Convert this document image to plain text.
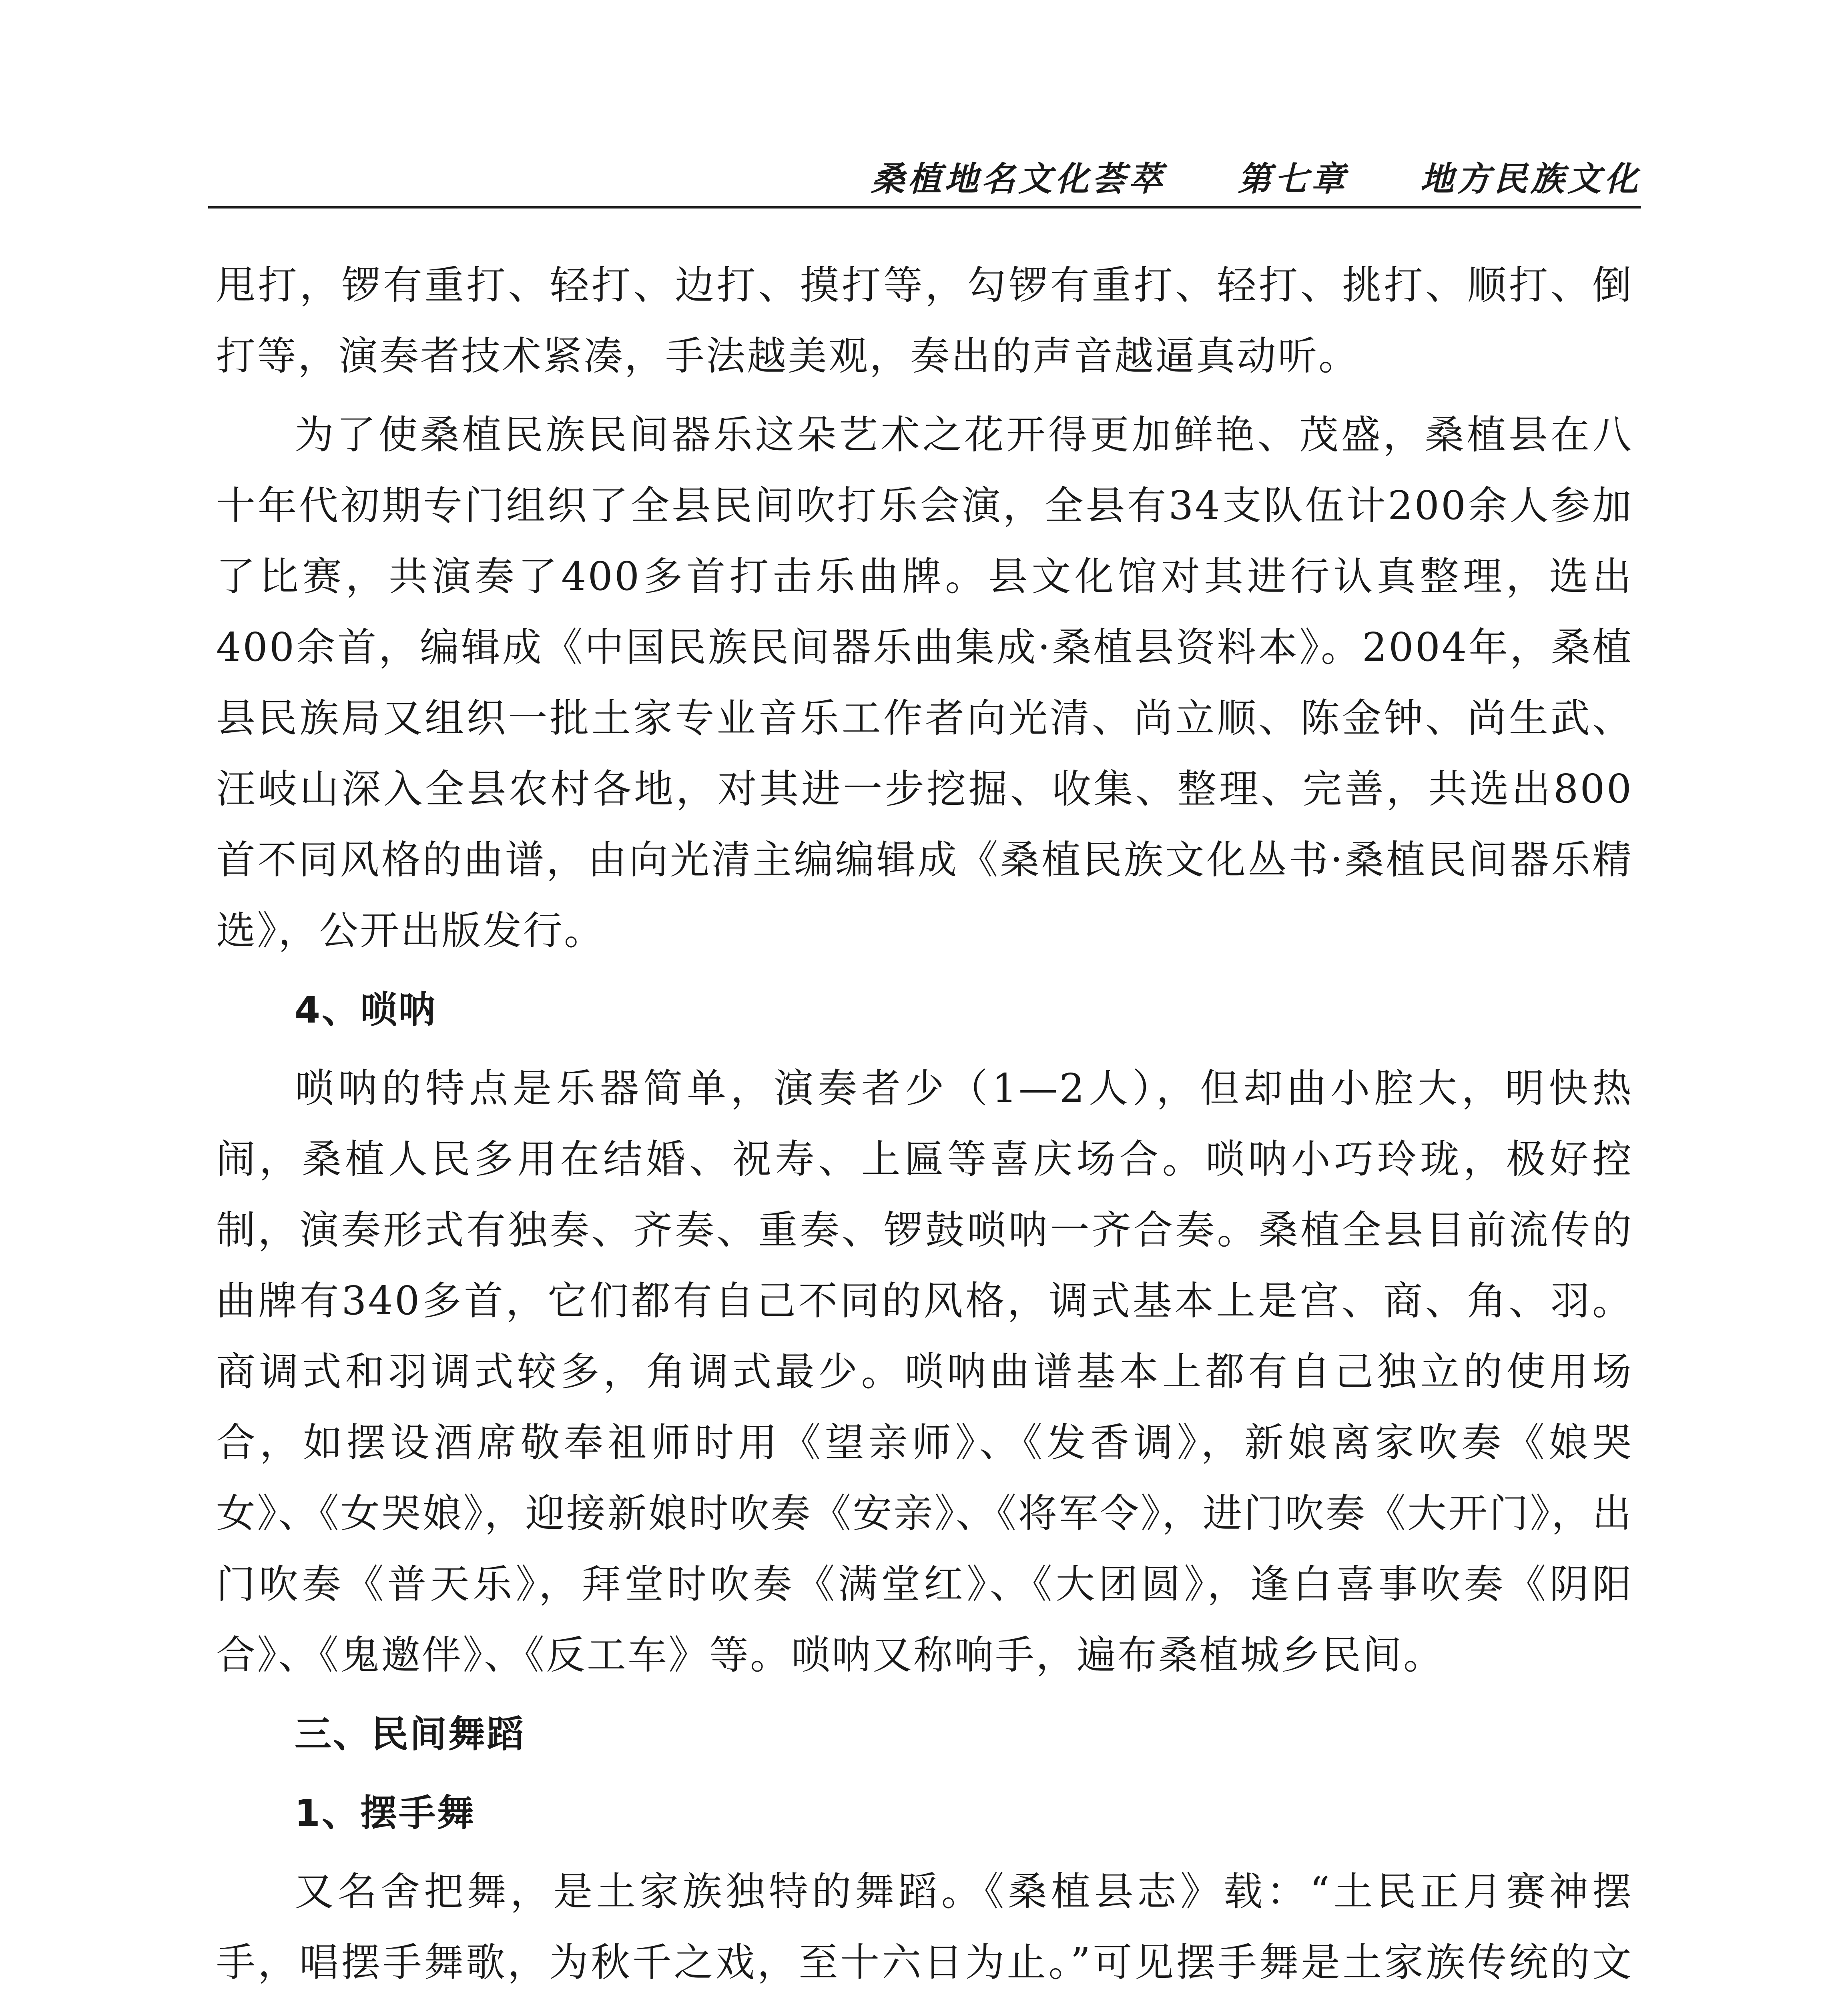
桑植地名文化荟萃 第七章 地方民族文化

甩打，锣有重打、轻打、边打、摸打等，勾锣有重打、轻打、挑打、顺打、倒打等，演奏者技术紧凑，手法越美观，奏出的声音越逼真动听。

为了使桑植民族民间器乐这朵艺术之花开得更加鲜艳、茂盛，桑植县在八十年代初期专门组织了全县民间吹打乐会演，全县有34支队伍计200余人参加了比赛，共演奏了400多首打击乐曲牌。县文化馆对其进行认真整理，选出400余首，编辑成《中国民族民间器乐曲集成·桑植县资料本》。2004年，桑植县民族局又组织一批土家专业音乐工作者向光清、尚立顺、陈金钟、尚生武、汪岐山深入全县农村各地，对其进一步挖掘、收集、整理、完善，共选出800首不同风格的曲谱，由向光清主编编辑成《桑植民族文化丛书·桑植民间器乐精选》，公开出版发行。

4、唢呐

唢呐的特点是乐器简单，演奏者少（1—2人），但却曲小腔大，明快热闹，桑植人民多用在结婚、祝寿、上匾等喜庆场合。唢呐小巧玲珑，极好控制，演奏形式有独奏、齐奏、重奏、锣鼓唢呐一齐合奏。桑植全县目前流传的曲牌有340多首，它们都有自己不同的风格，调式基本上是宫、商、角、羽。商调式和羽调式较多，角调式最少。唢呐曲谱基本上都有自己独立的使用场合，如摆设酒席敬奉祖师时用《望亲师》、《发香调》，新娘离家吹奏《娘哭女》、《女哭娘》，迎接新娘时吹奏《安亲》、《将军令》，进门吹奏《大开门》，出门吹奏《普天乐》，拜堂时吹奏《满堂红》、《大团圆》，逢白喜事吹奏《阴阳合》、《鬼邀伴》、《反工车》等。唢呐又称响手，遍布桑植城乡民间。

三、民间舞蹈
1、摆手舞

又名舍把舞，是土家族独特的舞蹈。《桑植县志》载：“土民正月赛神摆手，唱摆手舞歌，为秋千之戏，至十六日为止。”可见摆手舞是土家族传统的文
